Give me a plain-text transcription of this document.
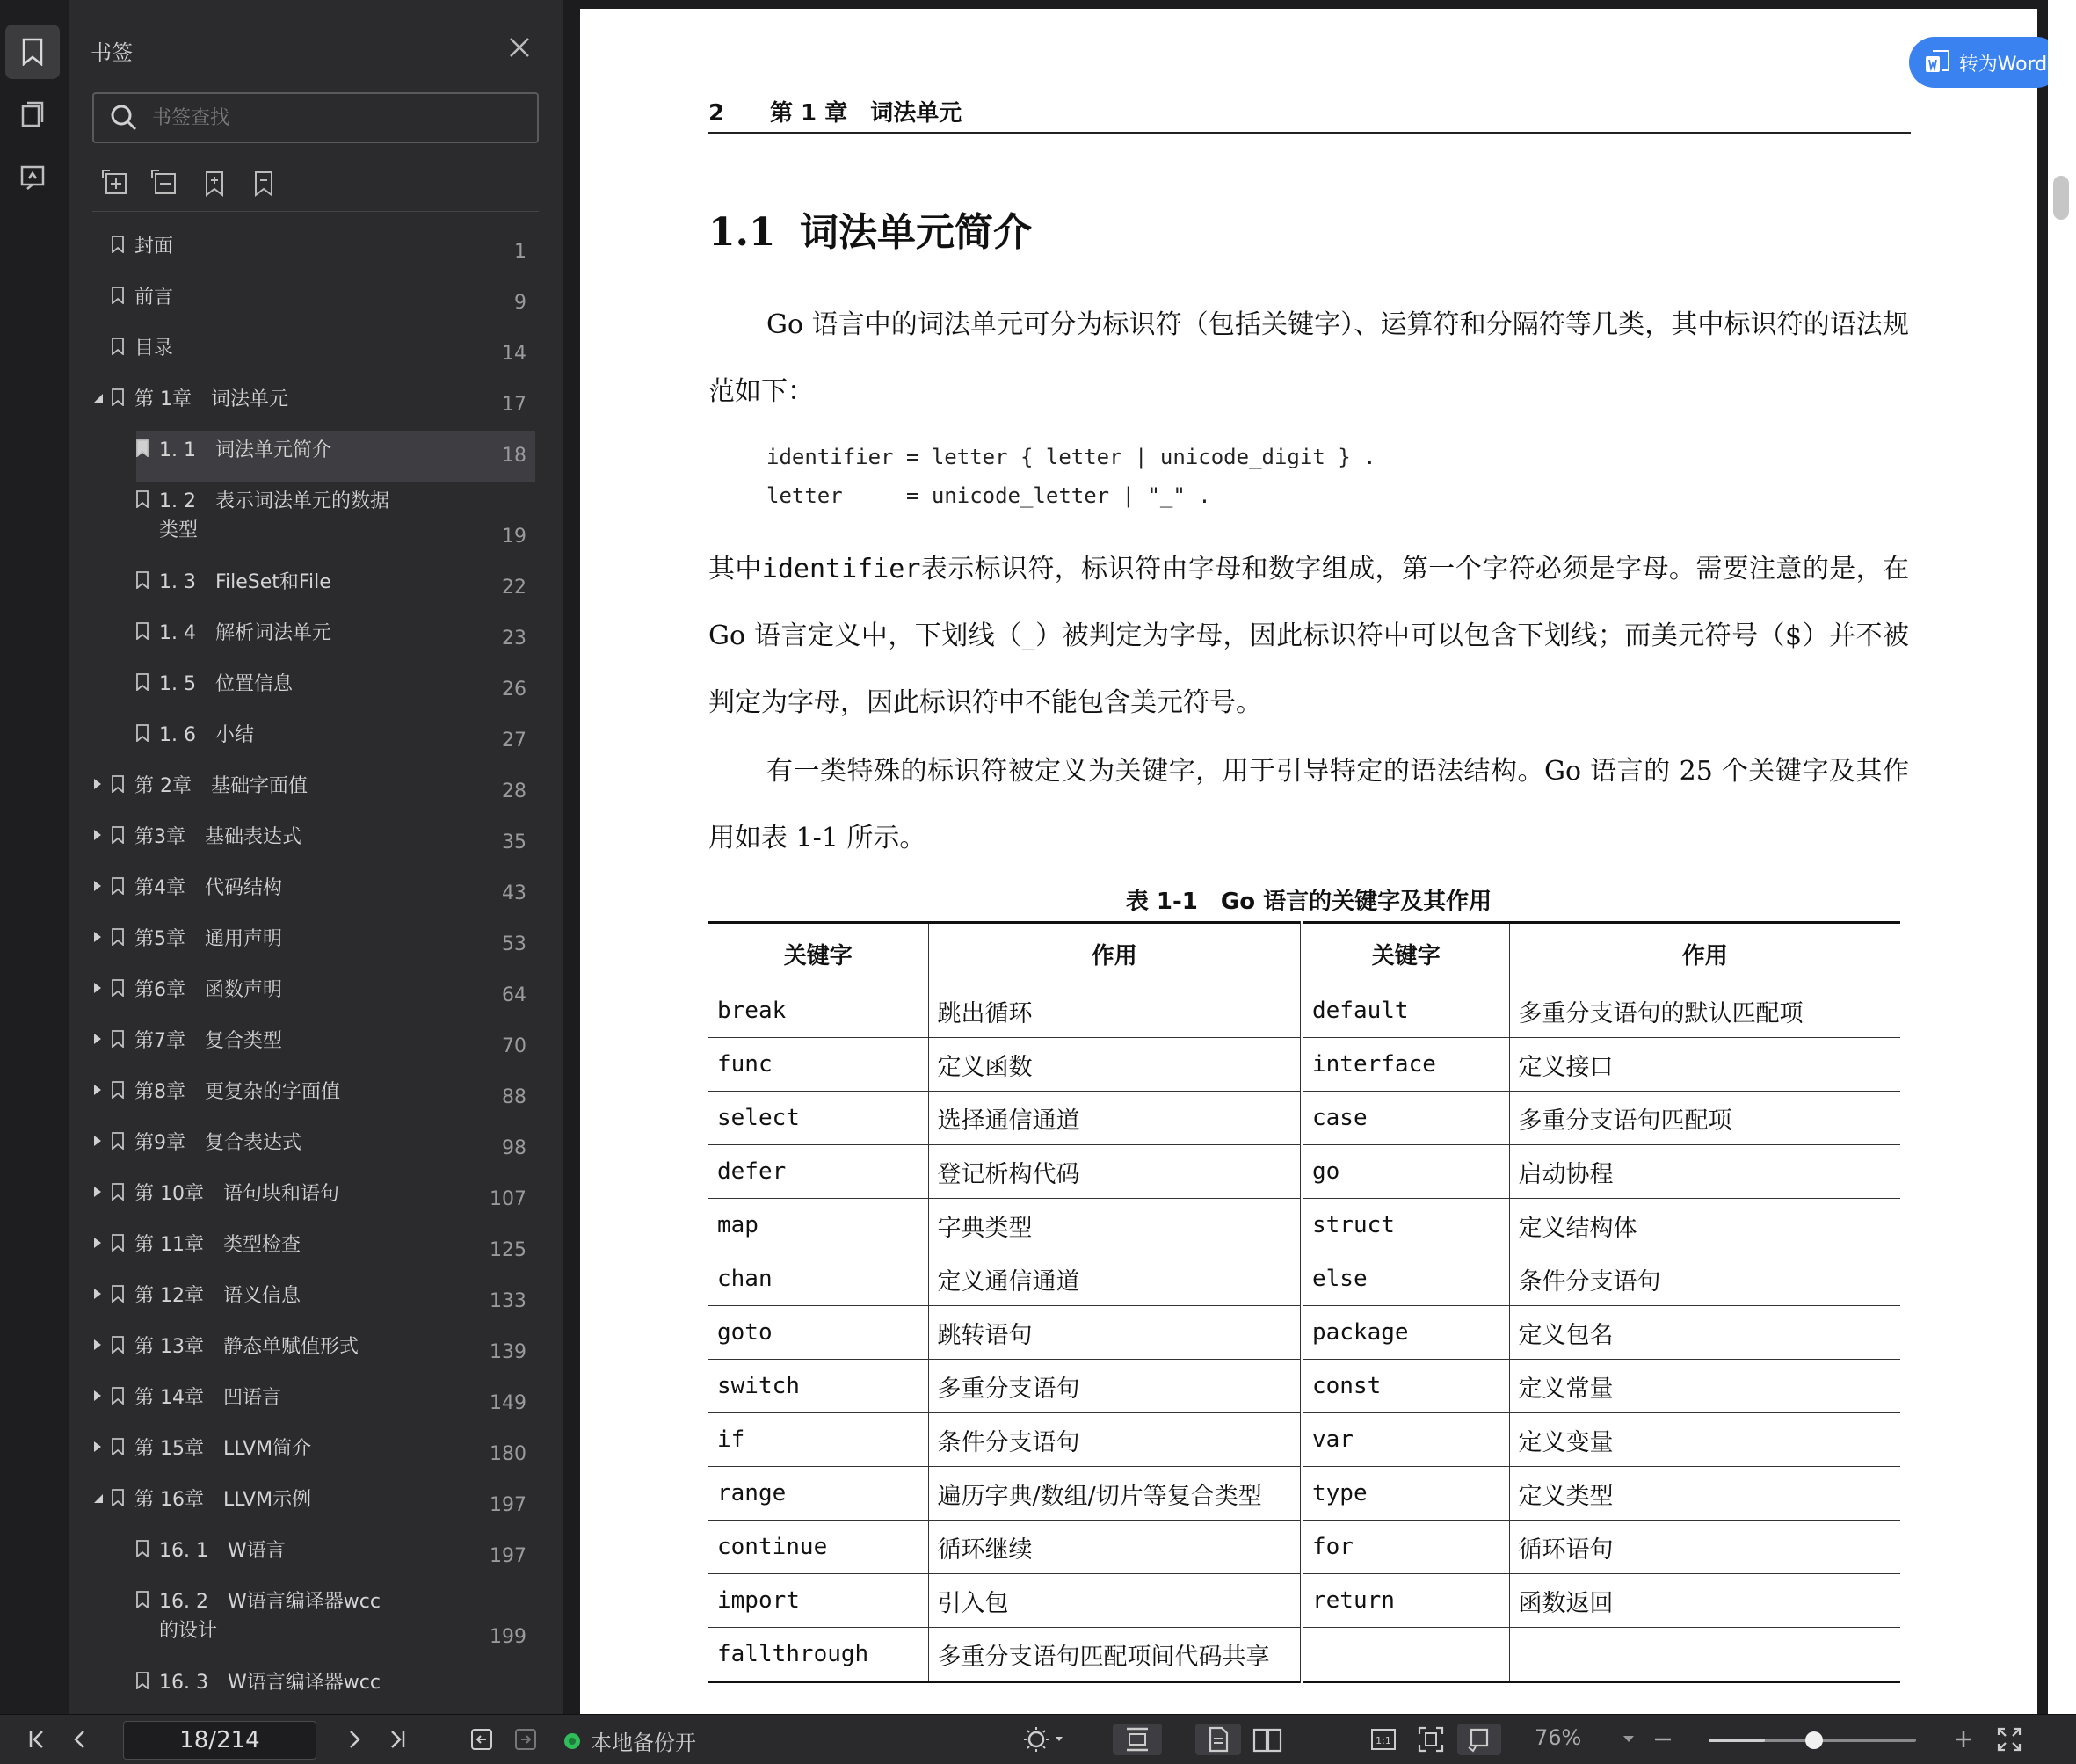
书签
书签查找
封面	1
前言	9
目录	14
第 1章　词法单元	17
1. 1　词法单元简介	18
1. 2　表示词法单元的数据
类型	19
1. 3　FileSet和File	22
1. 4　解析词法单元	23
1. 5　位置信息	26
1. 6　小结	27
第 2章　基础字面值	28
第3章　基础表达式	35
第4章　代码结构	43
第5章　通用声明	53
第6章　函数声明	64
第7章　复合类型	70
第8章　更复杂的字面值	88
第9章　复合表达式	98
第 10章　语句块和语句	107
第 11章　类型检查	125
第 12章　语义信息	133
第 13章　静态单赋值形式	139
第 14章　凹语言	149
第 15章　LLVM简介	180
第 16章　LLVM示例	197
16. 1　W语言	197
16. 2　W语言编译器wcc
的设计	199
16. 3　W语言编译器wcc
2 第 1 章　词法单元
1.1 词法单元简介
Go 语言中的词法单元可分为标识符（包括关键字）、运算符和分隔符等几类，其中标识符的语法规范如下：
identifier = letter { letter | unicode_digit } .
letter     = unicode_letter | "_" .
其中identifier表示标识符，标识符由字母和数字组成，第一个字符必须是字母。需要注意的是，在 Go 语言定义中，下划线（_）被判定为字母，因此标识符中可以包含下划线；而美元符号（$）并不被判定为字母，因此标识符中不能包含美元符号。
有一类特殊的标识符被定义为关键字，用于引导特定的语法结构。Go 语言的 25 个关键字及其作用如表 1-1 所示。
表 1-1　Go 语言的关键字及其作用
关键字	作用	关键字	作用
break	跳出循环	default	多重分支语句的默认匹配项
func	定义函数	interface	定义接口
select	选择通信通道	case	多重分支语句匹配项
defer	登记析构代码	go	启动协程
map	字典类型	struct	定义结构体
chan	定义通信通道	else	条件分支语句
goto	跳转语句	package	定义包名
switch	多重分支语句	const	定义常量
if	条件分支语句	var	定义变量
range	遍历字典/数组/切片等复合类型	type	定义类型
continue	循环继续	for	循环语句
import	引入包	return	函数返回
fallthrough	多重分支语句匹配项间代码共享		
转为Word
18/214
本地备份开	1:1	76%
